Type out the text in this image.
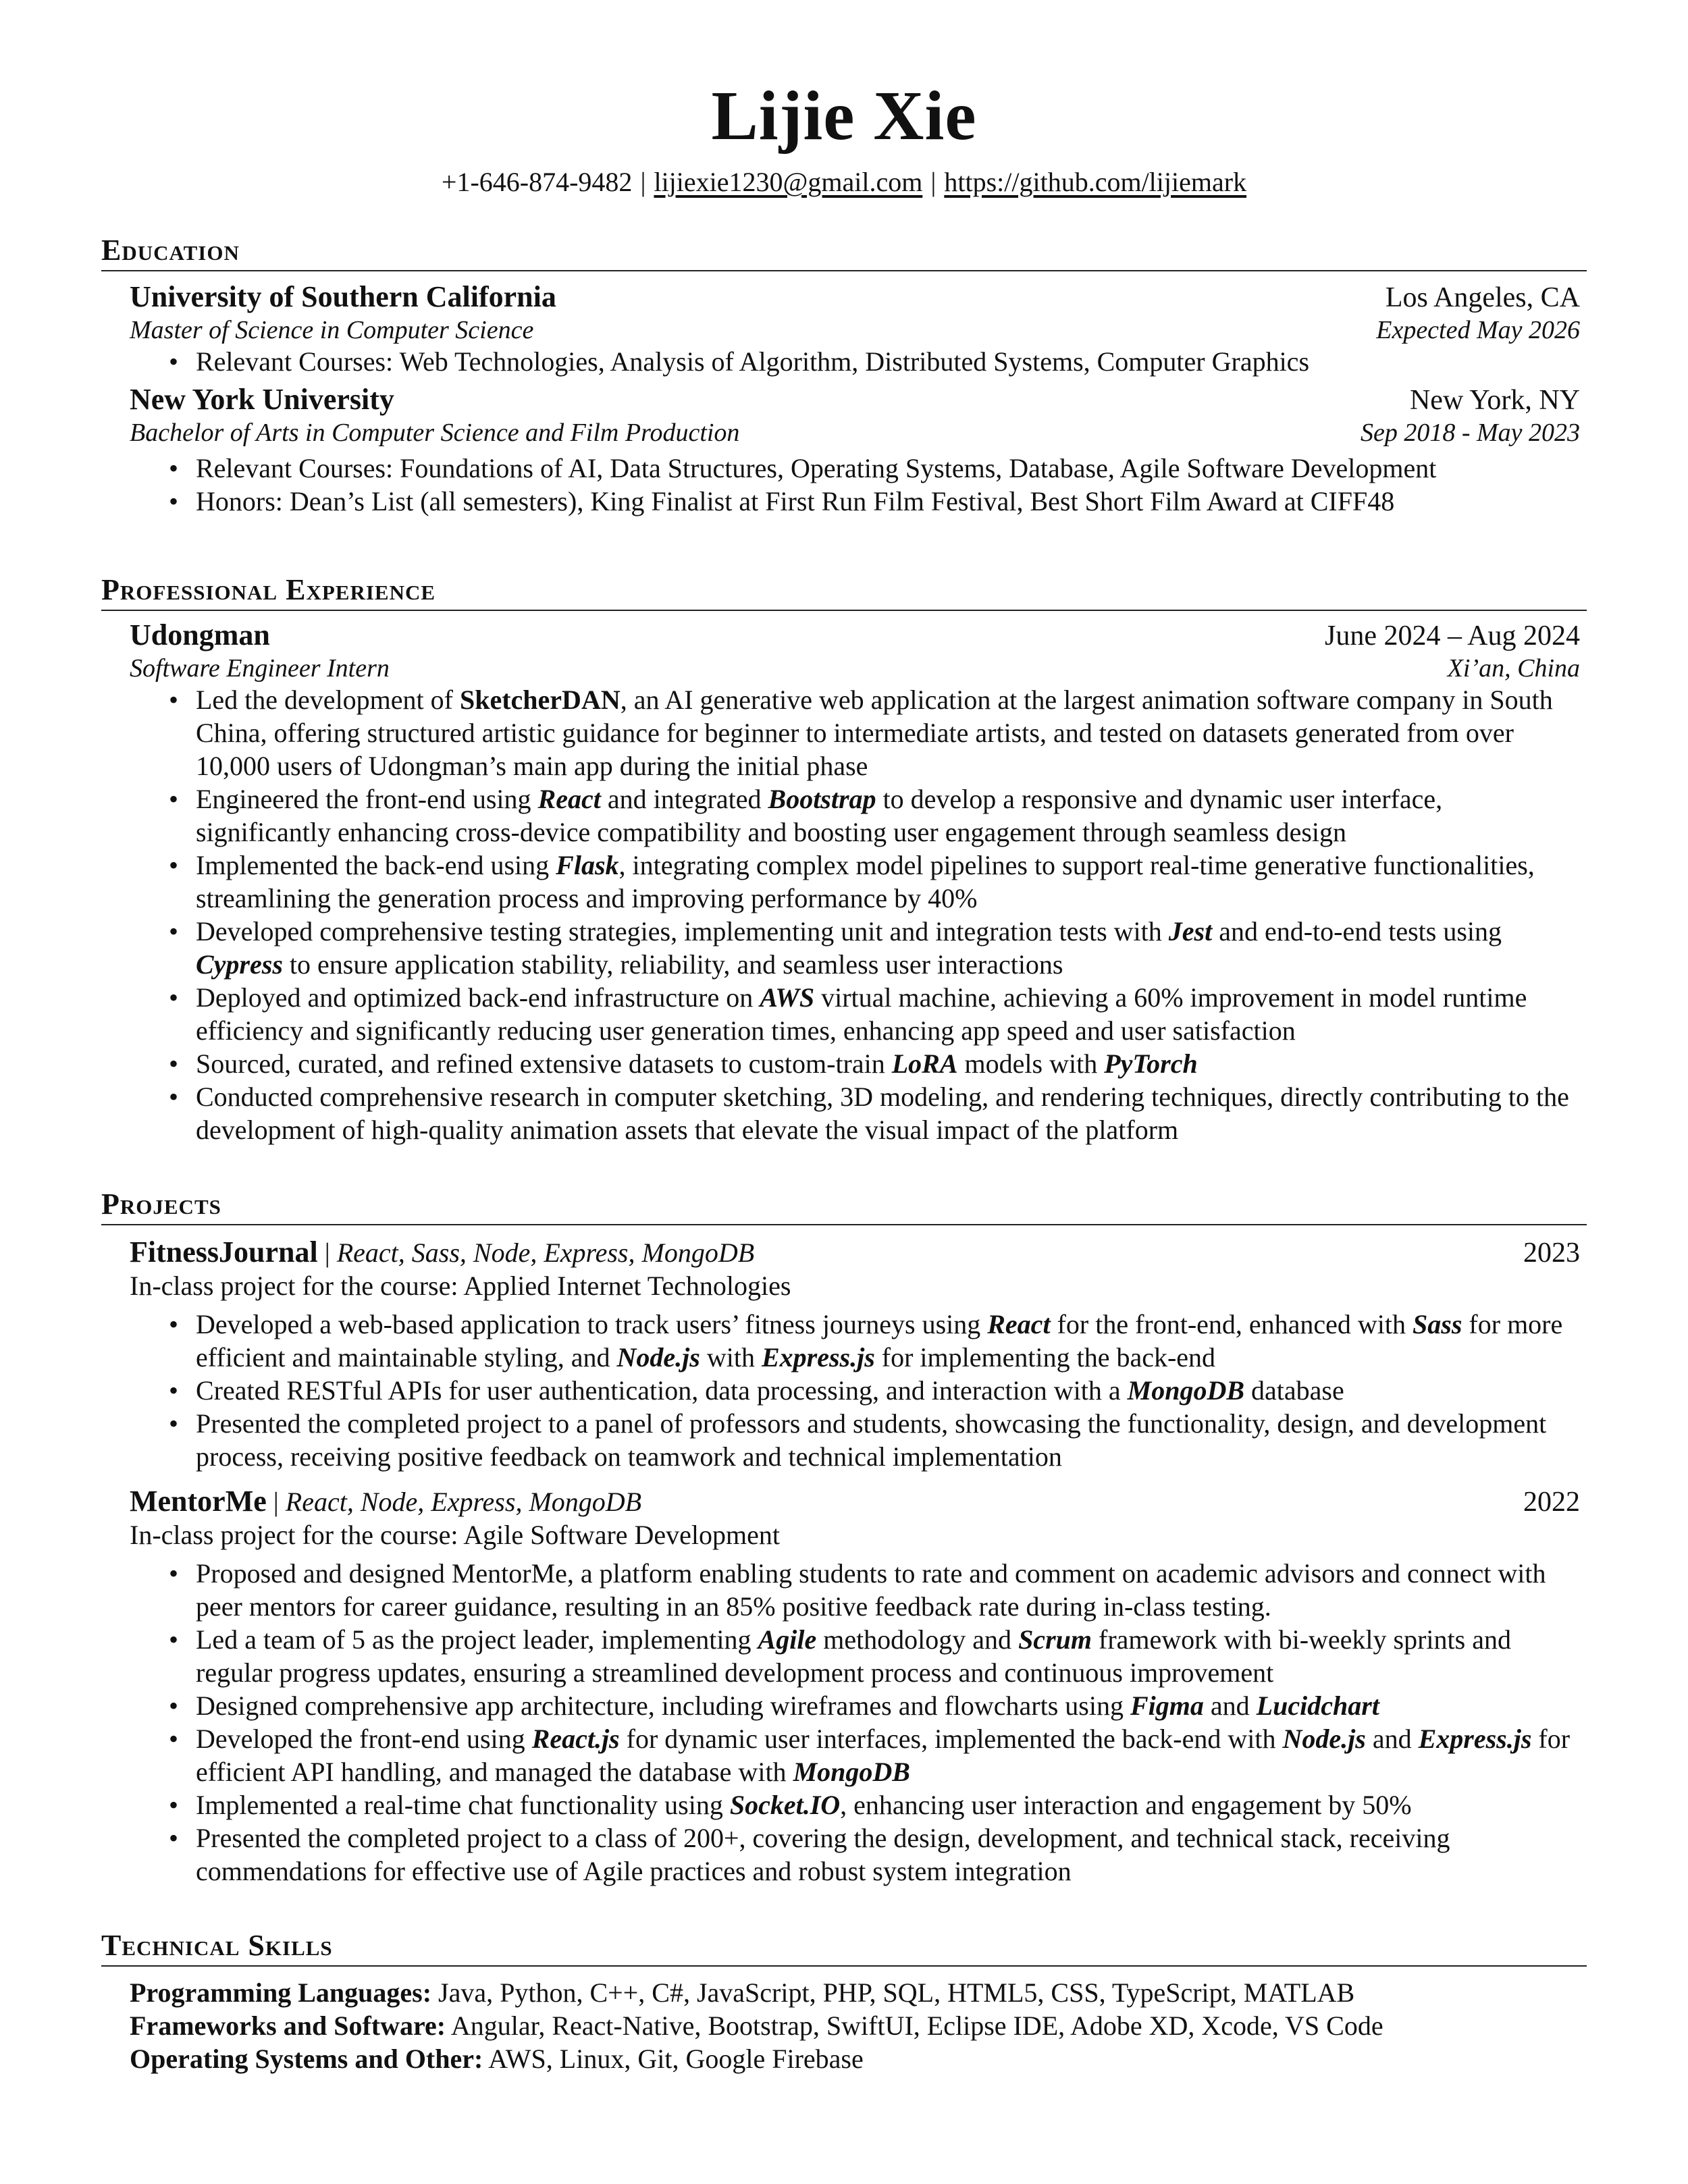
Lijie Xie
+1-646-874-9482 | lijiexie1230@gmail.com | https://github.com/lijiemark
Education
University of Southern California	Los Angeles, CA
Master of Science in Computer Science	Expected May 2026
• Relevant Courses: Web Technologies, Analysis of Algorithm, Distributed Systems, Computer Graphics
New York University	New York, NY
Bachelor of Arts in Computer Science and Film Production	Sep 2018 - May 2023
• Relevant Courses: Foundations of AI, Data Structures, Operating Systems, Database, Agile Software Development
• Honors: Dean’s List (all semesters), King Finalist at First Run Film Festival, Best Short Film Award at CIFF48
Professional Experience
Udongman	June 2024 – Aug 2024
Software Engineer Intern	Xi’an, China
• Led the development of SketcherDAN, an AI generative web application at the largest animation software company in South China, offering structured artistic guidance for beginner to intermediate artists, and tested on datasets generated from over 10,000 users of Udongman’s main app during the initial phase
• Engineered the front-end using React and integrated Bootstrap to develop a responsive and dynamic user interface, significantly enhancing cross-device compatibility and boosting user engagement through seamless design
• Implemented the back-end using Flask, integrating complex model pipelines to support real-time generative functionalities, streamlining the generation process and improving performance by 40%
• Developed comprehensive testing strategies, implementing unit and integration tests with Jest and end-to-end tests using Cypress to ensure application stability, reliability, and seamless user interactions
• Deployed and optimized back-end infrastructure on AWS virtual machine, achieving a 60% improvement in model runtime efficiency and significantly reducing user generation times, enhancing app speed and user satisfaction
• Sourced, curated, and refined extensive datasets to custom-train LoRA models with PyTorch
• Conducted comprehensive research in computer sketching, 3D modeling, and rendering techniques, directly contributing to the development of high-quality animation assets that elevate the visual impact of the platform
Projects
FitnessJournal | React, Sass, Node, Express, MongoDB	2023
In-class project for the course: Applied Internet Technologies
• Developed a web-based application to track users’ fitness journeys using React for the front-end, enhanced with Sass for more efficient and maintainable styling, and Node.js with Express.js for implementing the back-end
• Created RESTful APIs for user authentication, data processing, and interaction with a MongoDB database
• Presented the completed project to a panel of professors and students, showcasing the functionality, design, and development process, receiving positive feedback on teamwork and technical implementation
MentorMe | React, Node, Express, MongoDB	2022
In-class project for the course: Agile Software Development
• Proposed and designed MentorMe, a platform enabling students to rate and comment on academic advisors and connect with peer mentors for career guidance, resulting in an 85% positive feedback rate during in-class testing.
• Led a team of 5 as the project leader, implementing Agile methodology and Scrum framework with bi-weekly sprints and regular progress updates, ensuring a streamlined development process and continuous improvement
• Designed comprehensive app architecture, including wireframes and flowcharts using Figma and Lucidchart
• Developed the front-end using React.js for dynamic user interfaces, implemented the back-end with Node.js and Express.js for efficient API handling, and managed the database with MongoDB
• Implemented a real-time chat functionality using Socket.IO, enhancing user interaction and engagement by 50%
• Presented the completed project to a class of 200+, covering the design, development, and technical stack, receiving commendations for effective use of Agile practices and robust system integration
Technical Skills
Programming Languages: Java, Python, C++, C#, JavaScript, PHP, SQL, HTML5, CSS, TypeScript, MATLAB
Frameworks and Software: Angular, React-Native, Bootstrap, SwiftUI, Eclipse IDE, Adobe XD, Xcode, VS Code
Operating Systems and Other: AWS, Linux, Git, Google Firebase
